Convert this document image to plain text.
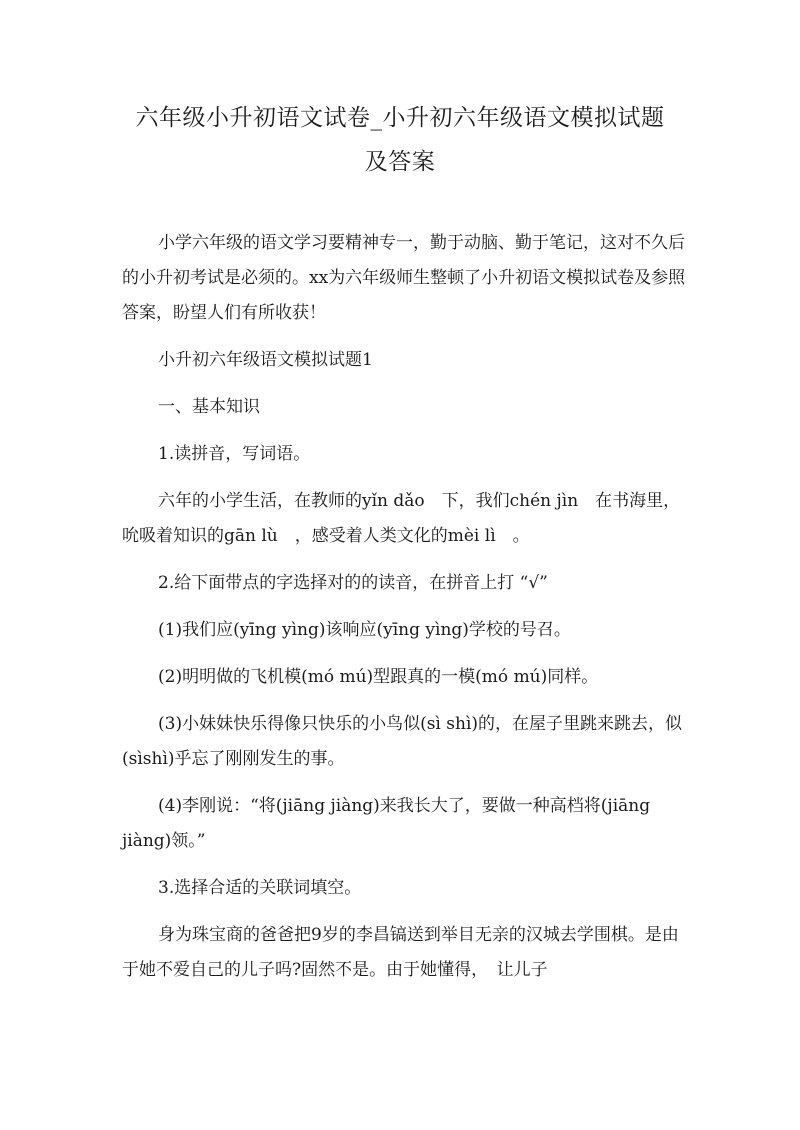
六年级小升初语文试卷_小升初六年级语文模拟试题
及答案

小学六年级的语文学习要精神专一，勤于动脑、勤于笔记，这对不久后的小升初考试是必须的。xx为六年级师生整顿了小升初语文模拟试卷及参照答案，盼望人们有所收获！

小升初六年级语文模拟试题1

一、基本知识

1.读拼音，写词语。

六年的小学生活，在教师的yǐn dǎo　下，我们chén jìn　在书海里，吮吸着知识的gān lù　，感受着人类文化的mèi lì　。

2.给下面带点的字选择对的的读音，在拼音上打 “√”

(1)我们应(yīng yìng)该响应(yīng yìng)学校的号召。

(2)明明做的飞机模(mó mú)型跟真的一模(mó mú)同样。

(3)小妹妹快乐得像只快乐的小鸟似(sì shì)的，在屋子里跳来跳去，似(sìshì)乎忘了刚刚发生的事。

(4)李刚说：“将(jiāng jiàng)来我长大了，要做一种高档将(jiāng jiàng)领。”

3.选择合适的关联词填空。

身为珠宝商的爸爸把9岁的李昌镐送到举目无亲的汉城去学围棋。是由于她不爱自己的儿子吗?固然不是。由于她懂得，　让儿子
